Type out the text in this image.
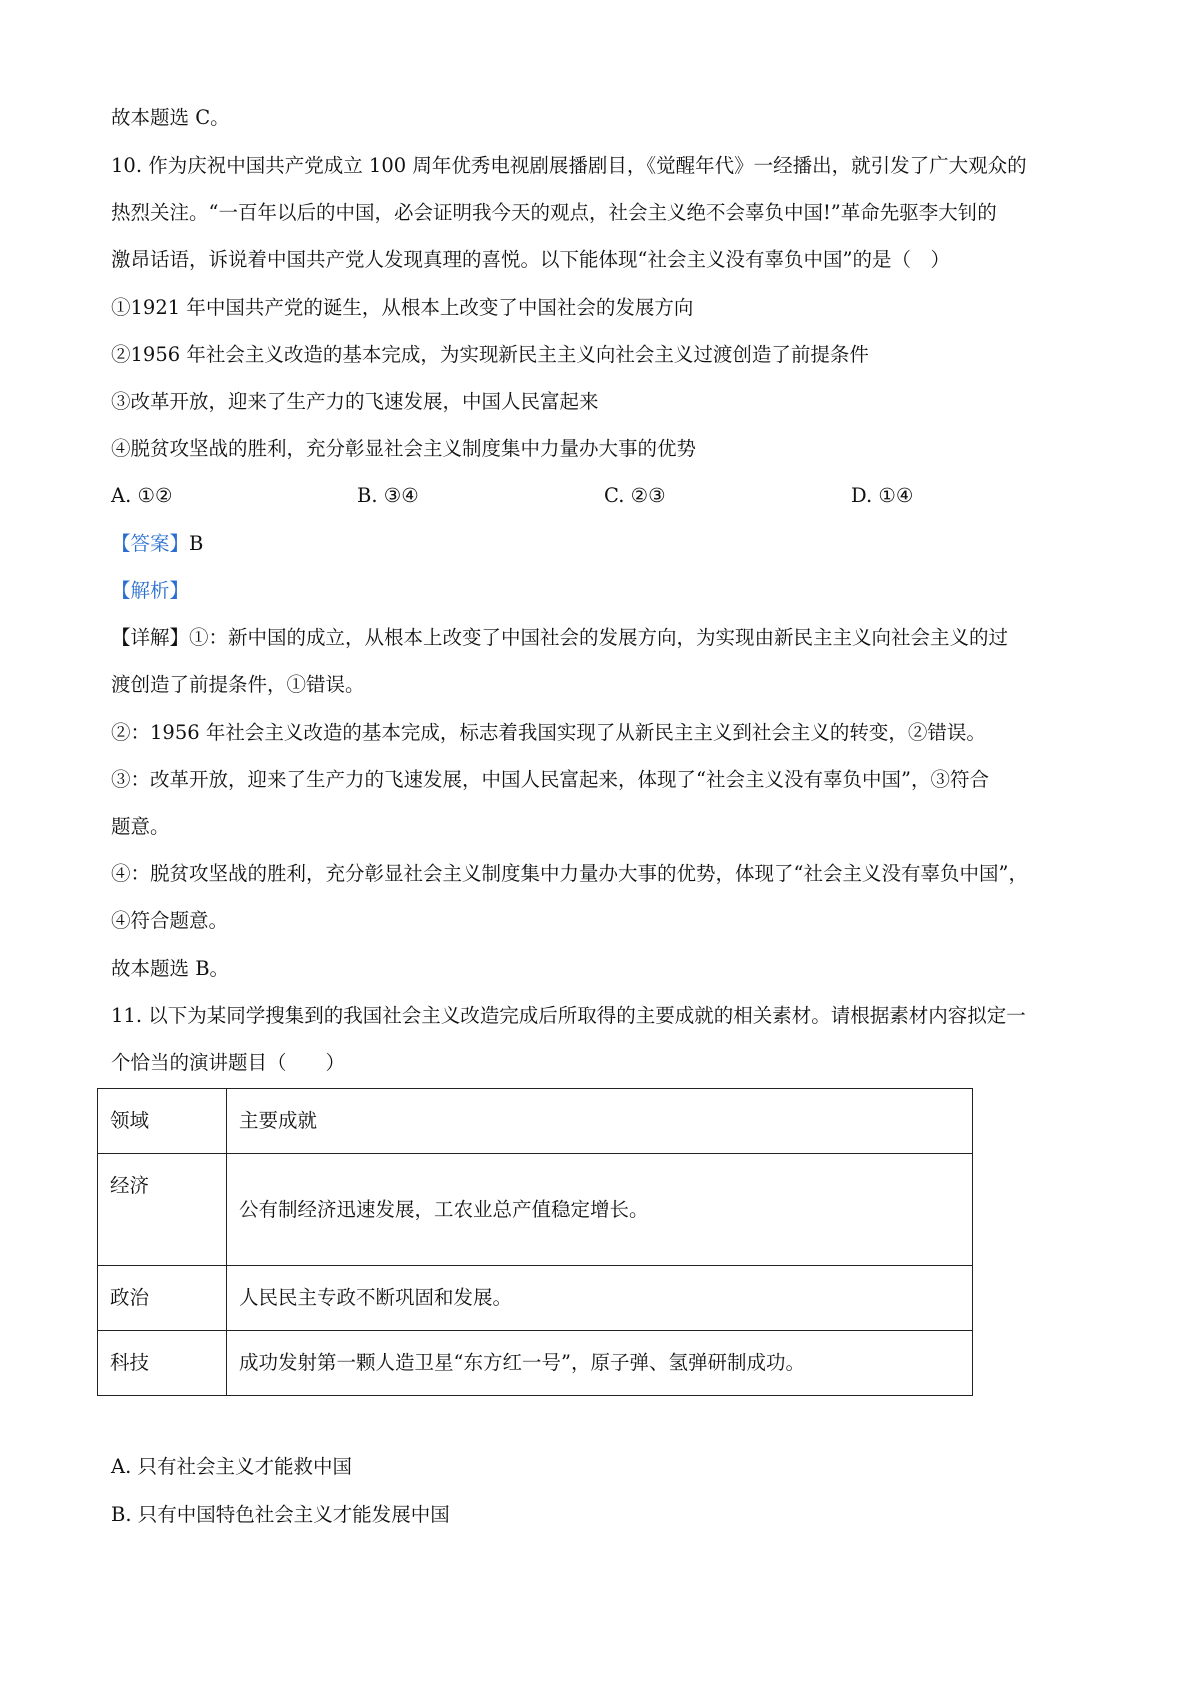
故本题选 C。
10. 作为庆祝中国共产党成立 100 周年优秀电视剧展播剧目，《觉醒年代》一经播出，就引发了广大观众的
热烈关注。“一百年以后的中国，必会证明我今天的观点，社会主义绝不会辜负中国!”革命先驱李大钊的
激昂话语，诉说着中国共产党人发现真理的喜悦。以下能体现“社会主义没有辜负中国”的是（　）
①1921 年中国共产党的诞生，从根本上改变了中国社会的发展方向
②1956 年社会主义改造的基本完成，为实现新民主主义向社会主义过渡创造了前提条件
③改革开放，迎来了生产力的飞速发展，中国人民富起来
④脱贫攻坚战的胜利，充分彰显社会主义制度集中力量办大事的优势
A. ①②	B. ③④	C. ②③	D. ①④
【答案】B
【解析】
【详解】①：新中国的成立，从根本上改变了中国社会的发展方向，为实现由新民主主义向社会主义的过
渡创造了前提条件，①错误。
②：1956 年社会主义改造的基本完成，标志着我国实现了从新民主主义到社会主义的转变，②错误。
③：改革开放，迎来了生产力的飞速发展，中国人民富起来，体现了“社会主义没有辜负中国”，③符合
题意。
④：脱贫攻坚战的胜利，充分彰显社会主义制度集中力量办大事的优势，体现了“社会主义没有辜负中国”，
④符合题意。
故本题选 B。
11. 以下为某同学搜集到的我国社会主义改造完成后所取得的主要成就的相关素材。请根据素材内容拟定一
个恰当的演讲题目（　　）
领域	主要成就
经济	公有制经济迅速发展，工农业总产值稳定增长。
政治	人民民主专政不断巩固和发展。
科技	成功发射第一颗人造卫星“东方红一号”，原子弹、氢弹研制成功。
A. 只有社会主义才能救中国
B. 只有中国特色社会主义才能发展中国
